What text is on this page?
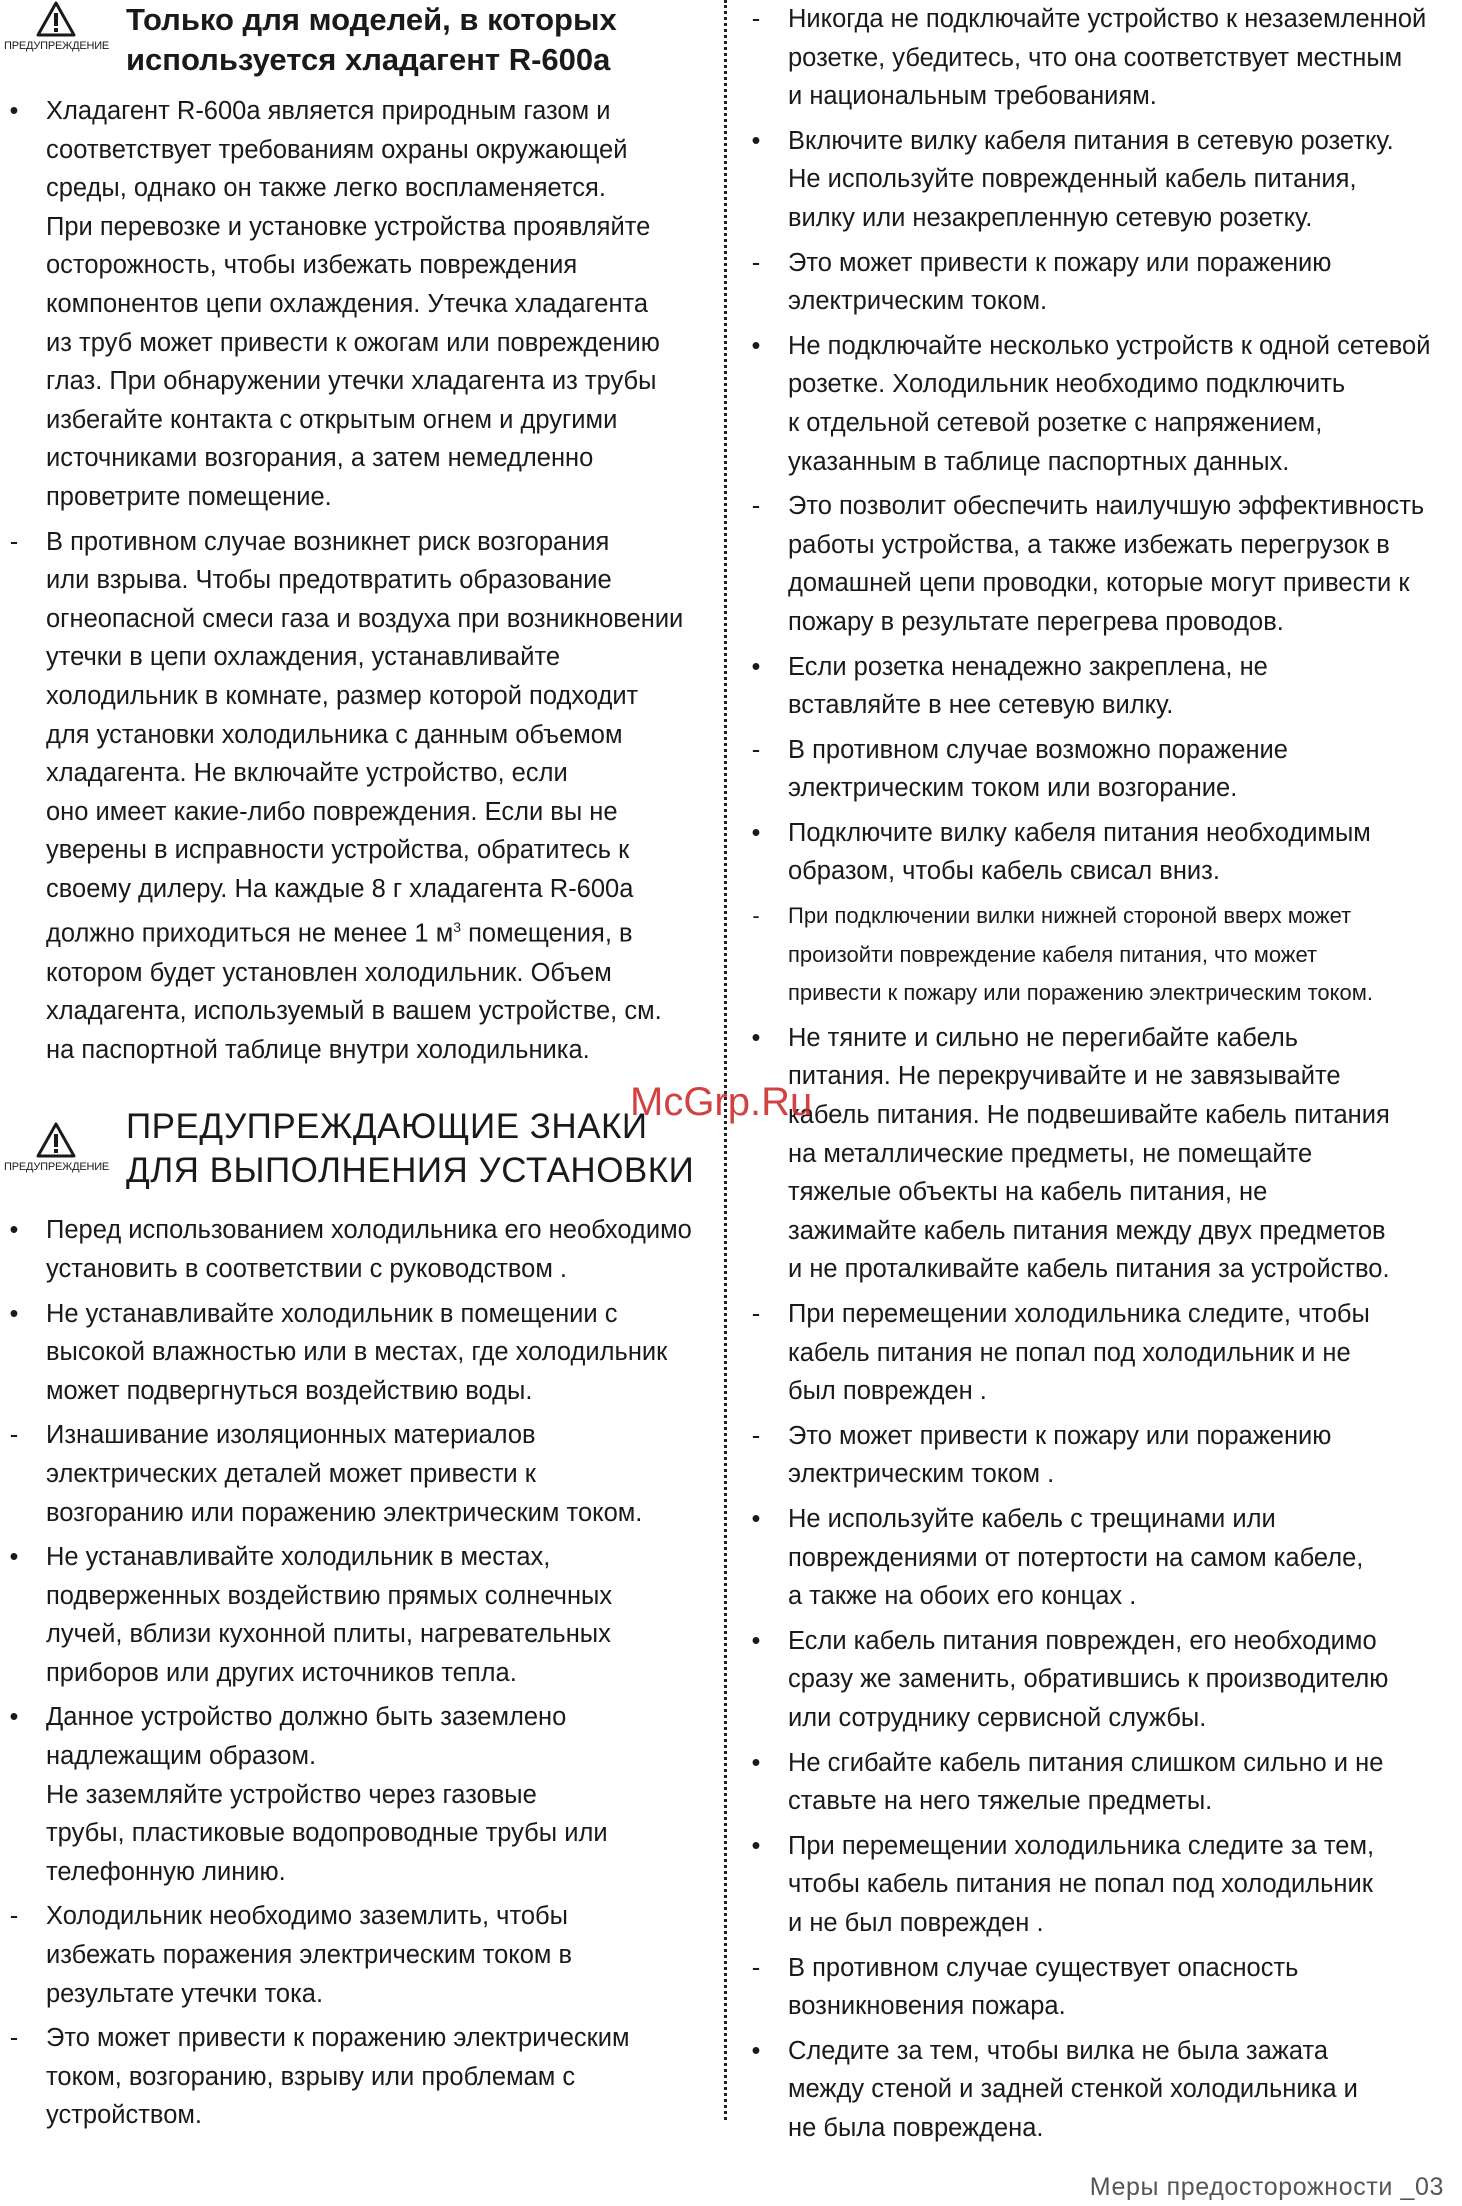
ПРЕДУПРЕЖДЕНИЕ
Только для моделей, в которых
используется хладагент R-600a
• Хладагент R-600a является природным газом и
соответствует требованиям охраны окружающей
среды, однако он также легко воспламеняется.
При перевозке и установке устройства проявляйте
осторожность, чтобы избежать повреждения
компонентов цепи охлаждения. Утечка хладагента
из труб может привести к ожогам или повреждению
глаз. При обнаружении утечки хладагента из трубы
избегайте контакта с открытым огнем и другими
источниками возгорания, а затем немедленно
проветрите помещение.
- В противном случае возникнет риск возгорания
или взрыва. Чтобы предотвратить образование
огнеопасной смеси газа и воздуха при возникновении
утечки в цепи охлаждения, устанавливайте
холодильник в комнате, размер которой подходит
для установки холодильника с данным объемом
хладагента. Не включайте устройство, если
оно имеет какие-либо повреждения. Если вы не
уверены в исправности устройства, обратитесь к
своему дилеру. На каждые 8 г хладагента R-600a
должно приходиться не менее 1 $м^3$ помещения, в
котором будет установлен холодильник. Объем
хладагента, используемый в вашем устройстве, см.
на паспортной таблице внутри холодильника.
ПРЕДУПРЕЖДЕНИЕ
ПРЕДУПРЕЖДАЮЩИЕ ЗНАКИ
ДЛЯ ВЫПОЛНЕНИЯ УСТАНОВКИ
• Перед использованием холодильника его необходимо
установить в соответствии с руководством .
• Не устанавливайте холодильник в помещении с
высокой влажностью или в местах, где холодильник
может подвергнуться воздействию воды.
- Изнашивание изоляционных материалов
электрических деталей может привести к
возгоранию или поражению электрическим током.
• Не устанавливайте холодильник в местах,
подверженных воздействию прямых солнечных
лучей, вблизи кухонной плиты, нагревательных
приборов или других источников тепла.
• Данное устройство должно быть заземлено
надлежащим образом.
Не заземляйте устройство через газовые
трубы, пластиковые водопроводные трубы или
телефонную линию.
- Холодильник необходимо заземлить, чтобы
избежать поражения электрическим током в
результате утечки тока.
- Это может привести к поражению электрическим
током, возгоранию, взрыву или проблемам с
устройством.
- Никогда не подключайте устройство к незаземленной
розетке, убедитесь, что она соответствует местным
и национальным требованиям.
• Включите вилку кабеля питания в сетевую розетку.
Не используйте поврежденный кабель питания,
вилку или незакрепленную сетевую розетку.
- Это может привести к пожару или поражению
электрическим током.
• Не подключайте несколько устройств к одной сетевой
розетке. Холодильник необходимо подключить
к отдельной сетевой розетке с напряжением,
указанным в таблице паспортных данных.
- Это позволит обеспечить наилучшую эффективность
работы устройства, а также избежать перегрузок в
домашней цепи проводки, которые могут привести к
пожару в результате перегрева проводов.
• Если розетка ненадежно закреплена, не
вставляйте в нее сетевую вилку.
- В противном случае возможно поражение
электрическим током или возгорание.
• Подключите вилку кабеля питания необходимым
образом, чтобы кабель свисал вниз.
- При подключении вилки нижней стороной вверх может
произойти повреждение кабеля питания, что может
привести к пожару или поражению электрическим током.
• Не тяните и сильно не перегибайте кабель
питания. Не перекручивайте и не завязывайте
кабель питания. Не подвешивайте кабель питания
на металлические предметы, не помещайте
тяжелые объекты на кабель питания, не
зажимайте кабель питания между двух предметов
и не проталкивайте кабель питания за устройство.
- При перемещении холодильника следите, чтобы
кабель питания не попал под холодильник и не
был поврежден .
- Это может привести к пожару или поражению
электрическим током .
• Не используйте кабель с трещинами или
повреждениями от потертости на самом кабеле,
а также на обоих его концах .
• Если кабель питания поврежден, его необходимо
сразу же заменить, обратившись к производителю
или сотруднику сервисной службы.
• Не сгибайте кабель питания слишком сильно и не
ставьте на него тяжелые предметы.
• При перемещении холодильника следите за тем,
чтобы кабель питания не попал под холодильник
и не был поврежден .
- В противном случае существует опасность
возникновения пожара.
• Следите за тем, чтобы вилка не была зажата
между стеной и задней стенкой холодильника и
не была повреждена.
McGrp.Ru
Меры предосторожности _03
